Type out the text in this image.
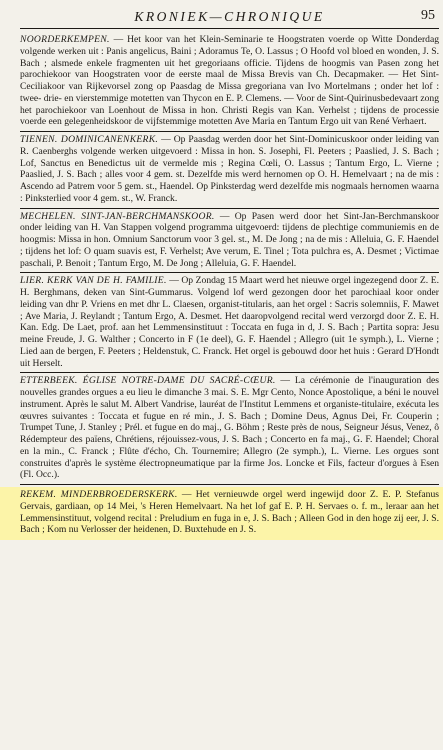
KRONIEK—CHRONIQUE	95

NOORDERKEMPEN. — Het koor van het Klein-Seminarie te Hoogstraten voerde op Witte Donderdag volgende werken uit : Panis angelicus, Baini ; Adoramus Te, O. Lassus ; O Hoofd vol bloed en wonden, J. S. Bach ; alsmede enkele fragmenten uit het gregoriaans officie. Tijdens de hoogmis van Pasen zong het parochiekoor van Hoogstraten voor de eerste maal de Missa Brevis van Ch. Decapmaker. — Het Sint-Ceciliakoor van Rijkevorsel zong op Paasdag de Missa gregoriana van Ivo Mortelmans ; onder het lof : twee- drie- en vierstemmige motetten van Thycon en E. P. Clemens. — Voor de Sint-Quirinusbedevaart zong het parochiekoor van Loenhout de Missa in hon. Christi Regis van Kan. Verhelst ; tijdens de processie voerde een gelegenheidskoor de vijfstemmige motetten Ave Maria en Tantum Ergo uit van René Verhaert.

TIENEN. DOMINICANENKERK. — Op Paasdag werden door het Sint-Dominicuskoor onder leiding van R. Caenberghs volgende werken uitgevoerd : Missa in hon. S. Josephi, Fl. Peeters ; Paaslied, J. S. Bach ; Lof, Sanctus en Benedictus uit de vermelde mis ; Regina Cœli, O. Lassus ; Tantum Ergo, L. Vierne ; Paaslied, J. S. Bach ; alles voor 4 gem. st. Dezelfde mis werd hernomen op O. H. Hemelvaart ; na de mis : Ascendo ad Patrem voor 5 gem. st., Haendel. Op Pinksterdag werd dezelfde mis nogmaals hernomen waarna : Pinksterlied voor 4 gem. st., W. Franck.

MECHELEN. SINT-JAN-BERCHMANSKOOR. — Op Pasen werd door het Sint-Jan-Berchmanskoor onder leiding van H. Van Stappen volgend programma uitgevoerd: tijdens de plechtige communiemis en de hoogmis: Missa in hon. Omnium Sanctorum voor 3 gel. st., M. De Jong ; na de mis : Alleluia, G. F. Haendel ; tijdens het lof: O quam suavis est, F. Verhelst; Ave verum, E. Tinel ; Tota pulchra es, A. Desmet ; Victimae paschali, P. Benoit ; Tantum Ergo, M. De Jong ; Alleluia, G. F. Haendel.

LIER. KERK VAN DE H. FAMILIE. — Op Zondag 15 Maart werd het nieuwe orgel ingezegend door Z. E. H. Berghmans, deken van Sint-Gummarus. Volgend lof werd gezongen door het parochiaal koor onder leiding van dhr P. Vriens en met dhr L. Claesen, organist-titularis, aan het orgel : Sacris solemniis, F. Mawet ; Ave Maria, J. Reylandt ; Tantum Ergo, A. Desmet. Het daaropvolgend recital werd verzorgd door Z. E. H. Kan. Edg. De Laet, prof. aan het Lemmensinstituut : Toccata en fuga in d, J. S. Bach ; Partita sopra: Jesu meine Freude, J. G. Walther ; Concerto in F (1e deel), G. F. Haendel ; Allegro (uit 1e symph.), L. Vierne ; Lied aan de bergen, F. Peeters ; Heldenstuk, C. Franck. Het orgel is gebouwd door het huis : Gerard D'Hondt uit Herselt.

ETTERBEEK. ÉGLISE NOTRE-DAME DU SACRÉ-CŒUR. — La cérémonie de l'inauguration des nouvelles grandes orgues a eu lieu le dimanche 3 mai. S. E. Mgr Cento, Nonce Apostolique, a béni le nouvel instrument. Après le salut M. Albert Vandrise, lauréat de l'Institut Lemmens et organiste-titulaire, exécuta les œuvres suivantes : Toccata et fugue en ré min., J. S. Bach ; Domine Deus, Agnus Dei, Fr. Couperin ; Trumpet Tune, J. Stanley ; Prél. et fugue en do maj., G. Böhm ; Reste près de nous, Seigneur Jésus, Venez, ô Rédempteur des païens, Chrétiens, réjouissez-vous, J. S. Bach ; Concerto en fa maj., G. F. Haendel; Choral en la min., C. Franck ; Flûte d'écho, Ch. Tournemire; Allegro (2e symph.), L. Vierne. Les orgues sont construites d'après le système électropneumatique par la firme Jos. Loncke et Fils, facteur d'orgues à Esen (Fl. Occ.).

REKEM. MINDERBROEDERSKERK. — Het vernieuwde orgel werd ingewijd door Z. E. P. Stefanus Gervais, gardiaan, op 14 Mei, 's Heren Hemelvaart. Na het lof gaf E. P. H. Servaes o. f. m., leraar aan het Lemmensinstituut, volgend recital : Preludium en fuga in e, J. S. Bach ; Alleen God in den hoge zij eer, J. S. Bach ; Kom nu Verlosser der heidenen, D. Buxtehude en J. S.
